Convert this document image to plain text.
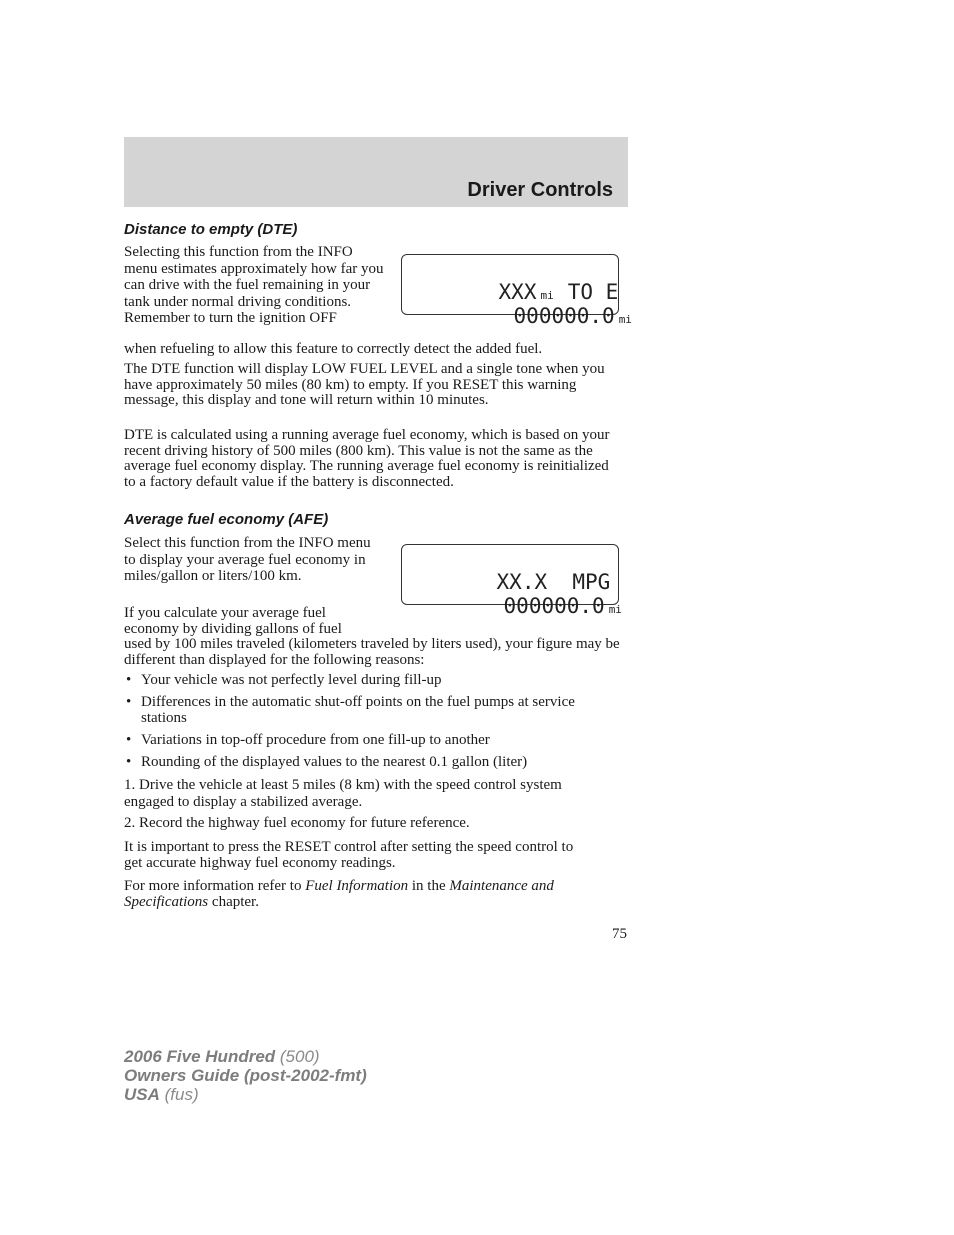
Driver Controls
Distance to empty (DTE)

Selecting this function from the INFO menu estimates approximately how far you can drive with the fuel remaining in your tank under normal driving conditions. Remember to turn the ignition OFF

when refueling to allow this feature to correctly detect the added fuel.

XXX mi TO E

000000.0 mi

The DTE function will display LOW FUEL LEVEL and a single tone when you have approximately 50 miles (80 km) to empty. If you RESET this warning message, this display and tone will return within 10 minutes.

DTE is calculated using a running average fuel economy, which is based on your recent driving history of 500 miles (800 km). This value is not the same as the average fuel economy display. The running average fuel economy is reinitialized to a factory default value if the battery is disconnected.

Average fuel economy (AFE)

Select this function from the INFO menu to display your average fuel economy in miles/gallon or liters/100 km.	XX.X  MPG

000000.0 mi

If you calculate your average fuel economy by dividing gallons of fuel

used by 100 miles traveled (kilometers traveled by liters used), your figure may be different than displayed for the following reasons:

• Your vehicle was not perfectly level during fill-up
• Differences in the automatic shut-off points on the fuel pumps at service stations
• Variations in top-off procedure from one fill-up to another
• Rounding of the displayed values to the nearest 0.1 gallon (liter)

1. Drive the vehicle at least 5 miles (8 km) with the speed control system engaged to display a stabilized average.

2. Record the highway fuel economy for future reference.

It is important to press the RESET control after setting the speed control to get accurate highway fuel economy readings.

For more information refer to Fuel Information in the Maintenance and Specifications chapter.

75
2006 Five Hundred (500)
Owners Guide (post-2002-fmt)
USA (fus)
